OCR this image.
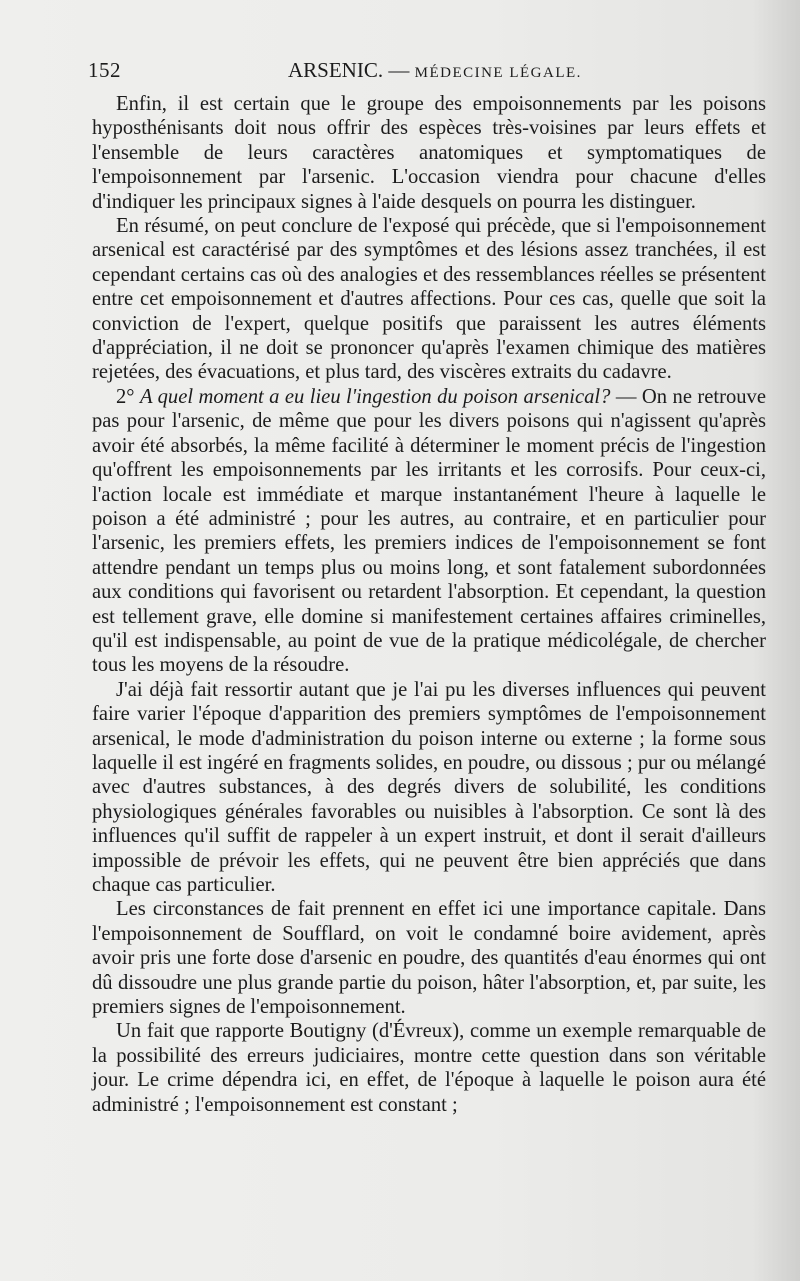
152	ARSENIC. — MÉDECINE LÉGALE.

Enfin, il est certain que le groupe des empoisonnements par les poisons hyposthénisants doit nous offrir des espèces très-voisines par leurs effets et l'ensemble de leurs caractères anatomiques et symptomatiques de l'empoisonnement par l'arsenic. L'occasion viendra pour chacune d'elles d'indiquer les principaux signes à l'aide desquels on pourra les distinguer.

En résumé, on peut conclure de l'exposé qui précède, que si l'empoisonnement arsenical est caractérisé par des symptômes et des lésions assez tranchées, il est cependant certains cas où des analogies et des ressemblances réelles se présentent entre cet empoisonnement et d'autres affections. Pour ces cas, quelle que soit la conviction de l'expert, quelque positifs que paraissent les autres éléments d'appréciation, il ne doit se prononcer qu'après l'examen chimique des matières rejetées, des évacuations, et plus tard, des viscères extraits du cadavre.

2° A quel moment a eu lieu l'ingestion du poison arsenical? — On ne retrouve pas pour l'arsenic, de même que pour les divers poisons qui n'agissent qu'après avoir été absorbés, la même facilité à déterminer le moment précis de l'ingestion qu'offrent les empoisonnements par les irritants et les corrosifs. Pour ceux-ci, l'action locale est immédiate et marque instantanément l'heure à laquelle le poison a été administré ; pour les autres, au contraire, et en particulier pour l'arsenic, les premiers effets, les premiers indices de l'empoisonnement se font attendre pendant un temps plus ou moins long, et sont fatalement subordonnées aux conditions qui favorisent ou retardent l'absorption. Et cependant, la question est tellement grave, elle domine si manifestement certaines affaires criminelles, qu'il est indispensable, au point de vue de la pratique médicolégale, de chercher tous les moyens de la résoudre.

J'ai déjà fait ressortir autant que je l'ai pu les diverses influences qui peuvent faire varier l'époque d'apparition des premiers symptômes de l'empoisonnement arsenical, le mode d'administration du poison interne ou externe ; la forme sous laquelle il est ingéré en fragments solides, en poudre, ou dissous ; pur ou mélangé avec d'autres substances, à des degrés divers de solubilité, les conditions physiologiques générales favorables ou nuisibles à l'absorption. Ce sont là des influences qu'il suffit de rappeler à un expert instruit, et dont il serait d'ailleurs impossible de prévoir les effets, qui ne peuvent être bien appréciés que dans chaque cas particulier.

Les circonstances de fait prennent en effet ici une importance capitale. Dans l'empoisonnement de Soufflard, on voit le condamné boire avidement, après avoir pris une forte dose d'arsenic en poudre, des quantités d'eau énormes qui ont dû dissoudre une plus grande partie du poison, hâter l'absorption, et, par suite, les premiers signes de l'empoisonnement.

Un fait que rapporte Boutigny (d'Évreux), comme un exemple remarquable de la possibilité des erreurs judiciaires, montre cette question dans son véritable jour. Le crime dépendra ici, en effet, de l'époque à laquelle le poison aura été administré ; l'empoisonnement est constant ;
